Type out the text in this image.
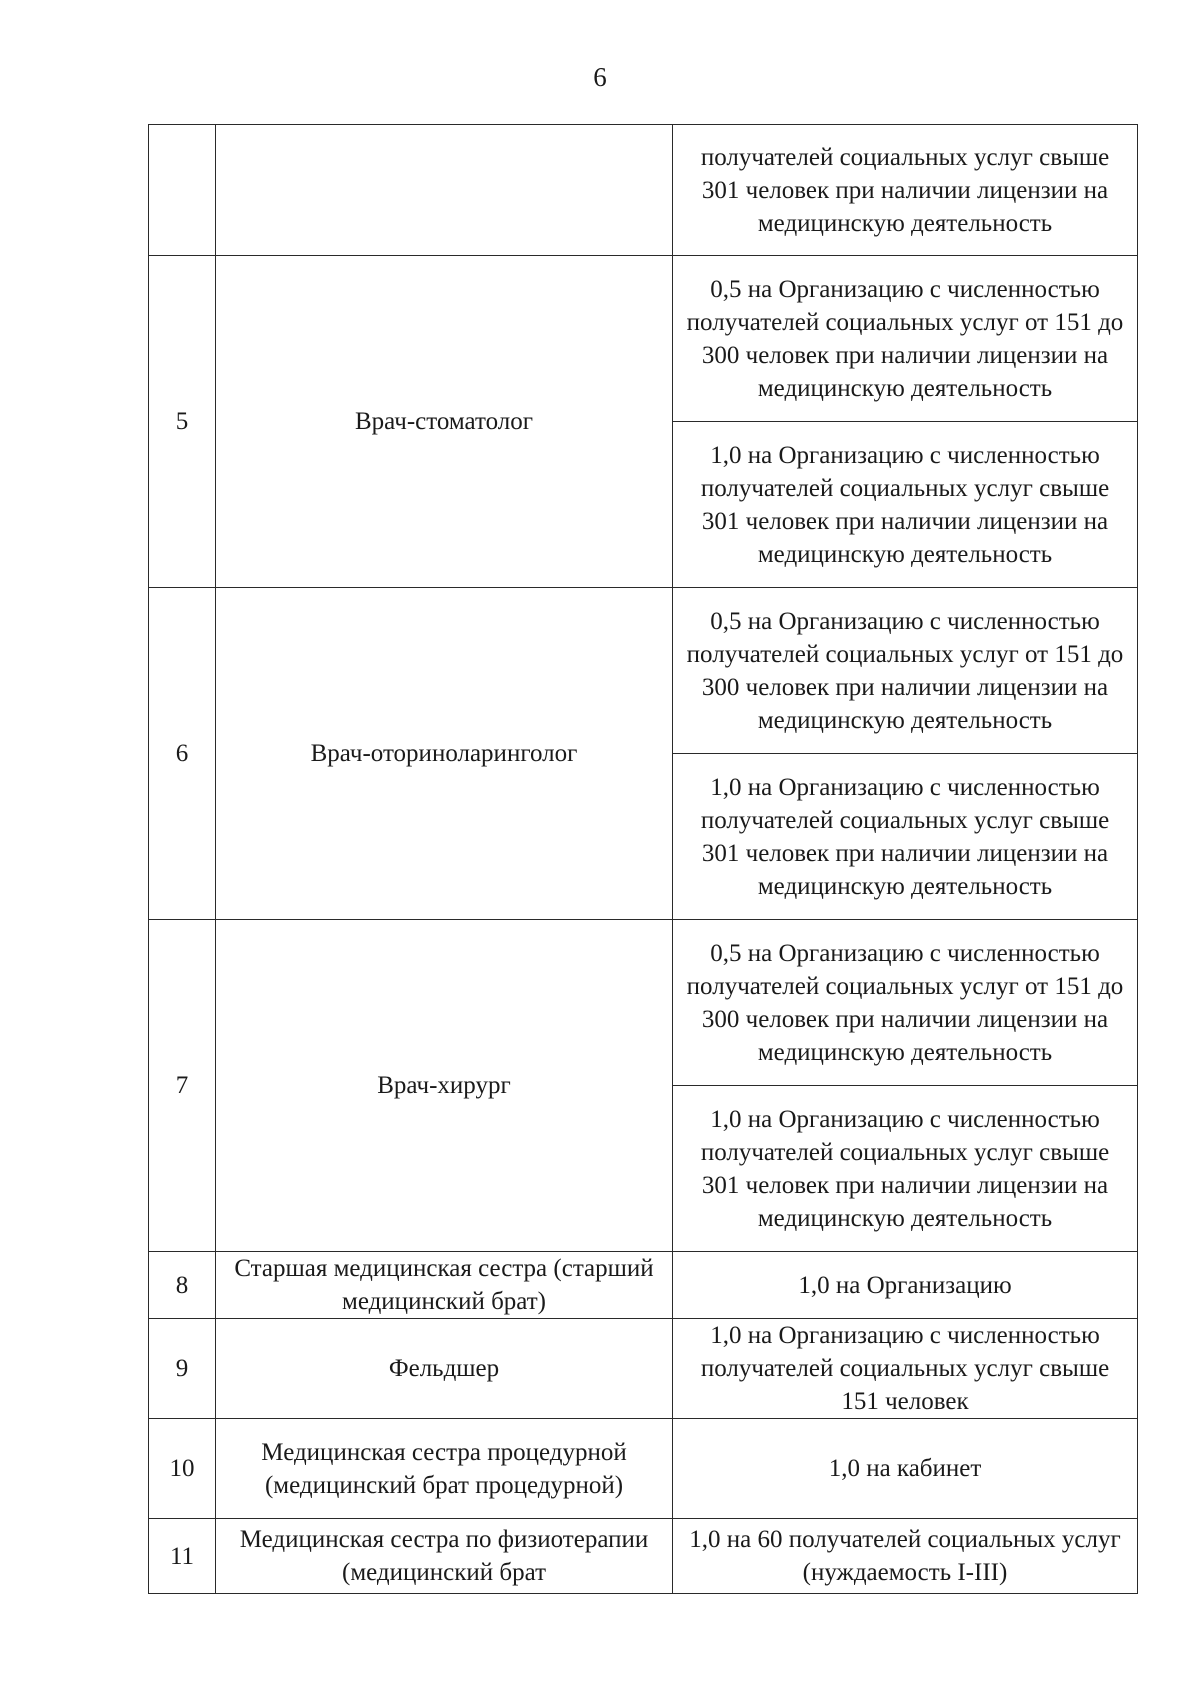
6
		получателей социальных услуг свыше 301 человек при наличии лицензии на медицинскую деятельность
5	Врач-стоматолог	0,5 на Организацию с численностью получателей социальных услуг от 151 до 300 человек при наличии лицензии на медицинскую деятельность
		1,0 на Организацию с численностью получателей социальных услуг свыше 301 человек при наличии лицензии на медицинскую деятельность
6	Врач-оториноларинголог	0,5 на Организацию с численностью получателей социальных услуг от 151 до 300 человек при наличии лицензии на медицинскую деятельность
		1,0 на Организацию с численностью получателей социальных услуг свыше 301 человек при наличии лицензии на медицинскую деятельность
7	Врач-хирург	0,5 на Организацию с численностью получателей социальных услуг от 151 до 300 человек при наличии лицензии на медицинскую деятельность
		1,0 на Организацию с численностью получателей социальных услуг свыше 301 человек при наличии лицензии на медицинскую деятельность
8	Старшая медицинская сестра (старший медицинский брат)	1,0 на Организацию
9	Фельдшер	1,0 на Организацию с численностью получателей социальных услуг свыше 151 человек
10	Медицинская сестра процедурной (медицинский брат процедурной)	1,0 на кабинет
11	Медицинская сестра по физиотерапии (медицинский брат	1,0 на 60 получателей социальных услуг (нуждаемость I-III)
